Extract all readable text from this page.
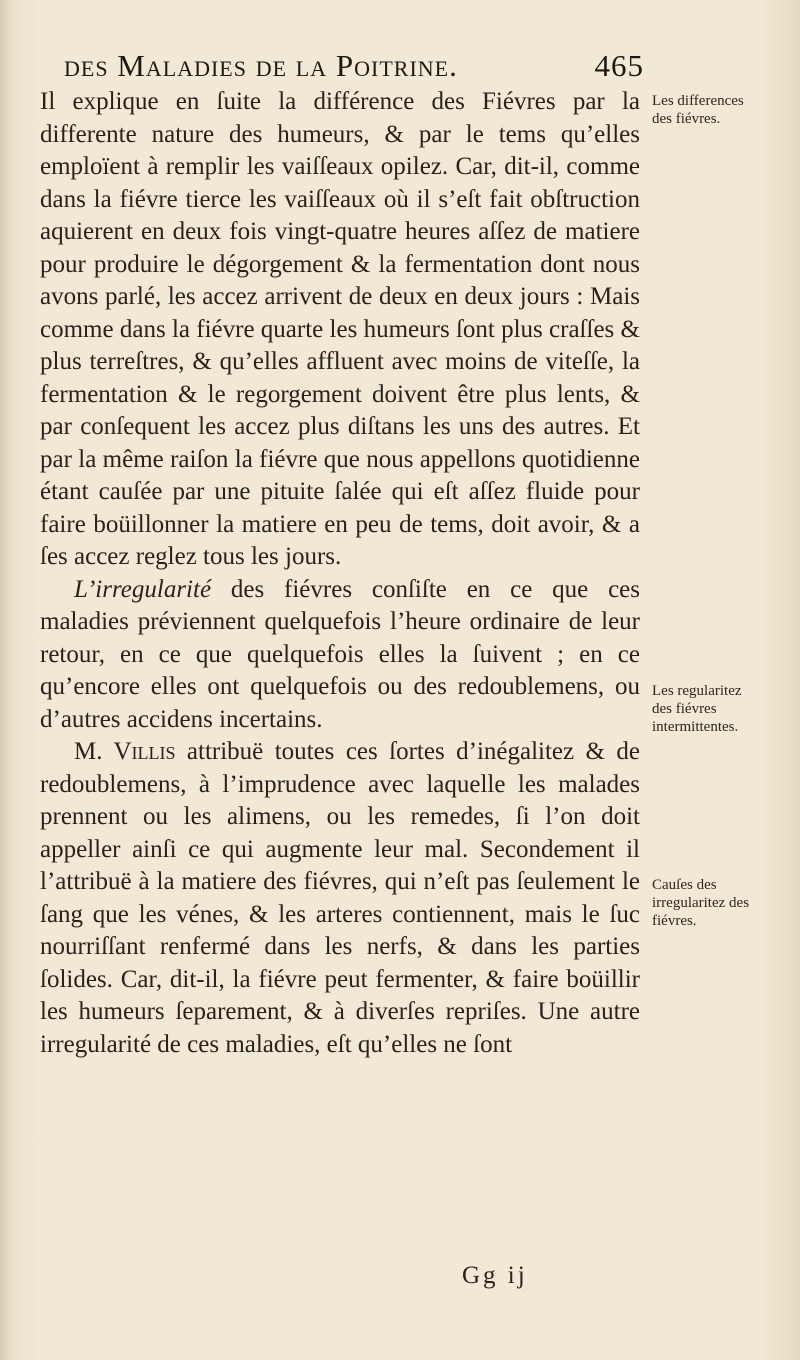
des Maladies de la Poitrine.	465

Il explique en ſuite la différence des Fiévres par la differente nature des humeurs, & par le tems qu’elles emploïent à remplir les vaiſſeaux opilez. Car, dit-il, comme dans la fiévre tierce les vaiſſeaux où il s’eſt fait obſtruction aquierent en deux fois vingt-quatre heures aſſez de matiere pour produire le dégorgement & la fermentation dont nous avons parlé, les accez arrivent de deux en deux jours : Mais comme dans la fiévre quarte les humeurs ſont plus craſſes & plus terreſtres, & qu’elles affluent avec moins de viteſſe, la fermentation & le regorgement doivent être plus lents, & par conſequent les accez plus diſtans les uns des autres. Et par la même raiſon la fiévre que nous appellons quotidienne étant cauſée par une pituite ſalée qui eſt aſſez fluide pour faire boüillonner la matiere en peu de tems, doit avoir, & a ſes accez reglez tous les jours.

L’irregularité des fiévres conſiſte en ce que ces maladies préviennent quelquefois l’heure ordinaire de leur retour, en ce que quelquefois elles la ſuivent ; en ce qu’encore elles ont quelquefois ou des redoublemens, ou d’autres accidens incertains.

M. Villis attribuë toutes ces ſortes d’inégalitez & de redoublemens, à l’imprudence avec laquelle les malades prennent ou les alimens, ou les remedes, ſi l’on doit appeller ainſi ce qui augmente leur mal. Secondement il l’attribuë à la matiere des fiévres, qui n’eſt pas ſeulement le ſang que les vénes, & les arteres contiennent, mais le ſuc nourriſſant renfermé dans les nerfs, & dans les parties ſolides. Car, dit-il, la fiévre peut fermenter, & faire boüillir les humeurs ſeparement, & à diverſes repriſes. Une autre irregularité de ces maladies, eſt qu’elles ne ſont

Les differences des fiévres.
Les regularitez des fiévres intermittentes.
Cauſes des irregularitez des fiévres.
Gg ij
